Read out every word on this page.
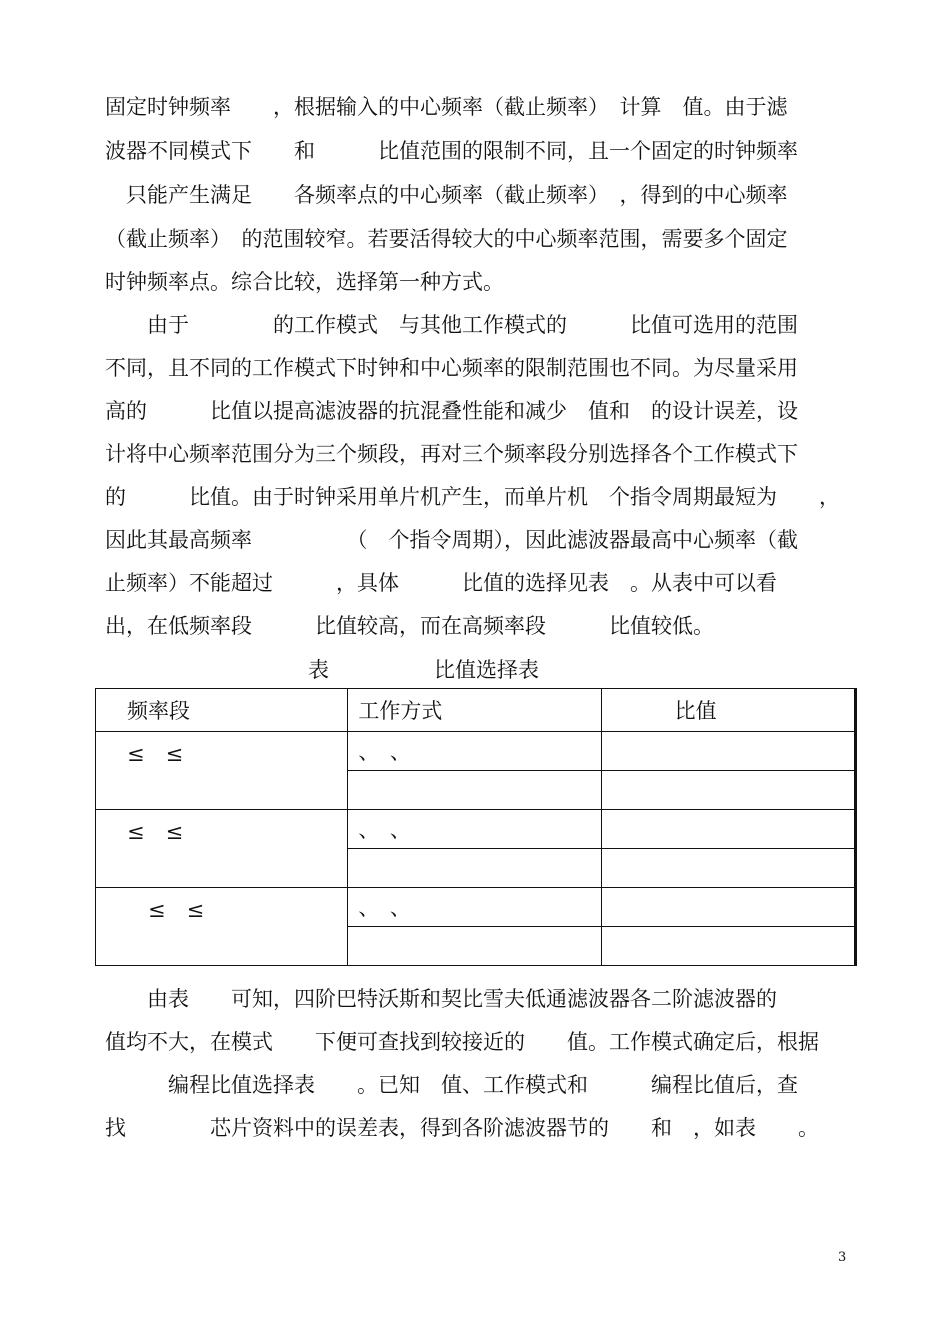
固定时钟频率　　，根据输入的中心频率（截止频率）　计算　值。由于滤
波器不同模式下　　和　　　比值范围的限制不同，且一个固定的时钟频率
　只能产生满足　　各频率点的中心频率（截止频率）　，得到的中心频率
（截止频率）　的范围较窄。若要活得较大的中心频率范围，需要多个固定
时钟频率点。综合比较，选择第一种方式。
　　由于　　　　的工作模式　与其他工作模式的　　　比值可选用的范围
不同，且不同的工作模式下时钟和中心频率的限制范围也不同。为尽量采用
高的　　　比值以提高滤波器的抗混叠性能和减少　值和　的设计误差，设
计将中心频率范围分为三个频段，再对三个频率段分别选择各个工作模式下
的　　　比值。由于时钟采用单片机产生，而单片机　个指令周期最短为　　，
因此其最高频率　　　　　（　个指令周期），因此滤波器最高中心频率（截
止频率）不能超过　　　，具体　　　比值的选择见表　。从表中可以看
出，在低频率段　　　比值较高，而在高频率段　　　比值较低。
表　　　　　比值选择表
　频率段	工作方式	　　　比值
　≤　≤	、　、	

　≤　≤	、　、	

　　≤　≤	、　、	

　　由表　　可知，四阶巴特沃斯和契比雪夫低通滤波器各二阶滤波器的
值均不大，在模式　　下便可查找到较接近的　　值。工作模式确定后，根据
　　　编程比值选择表　　。已知　值、工作模式和　　　编程比值后，查
找　　　　芯片资料中的误差表，得到各阶滤波器节的　　和　，如表　　。
3
